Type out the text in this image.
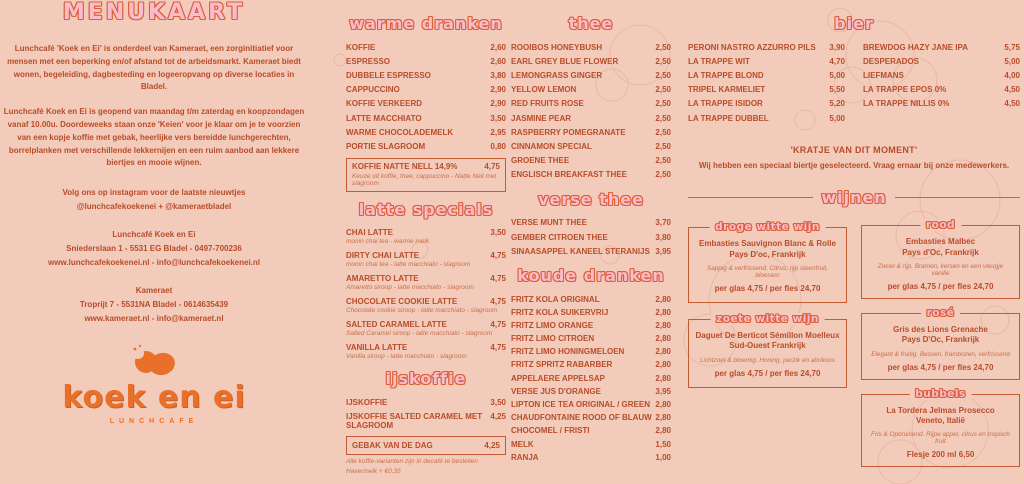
MENUKAART

Lunchcafé 'Koek en Ei' is onderdeel van Kameraet, een zorginitiatief voor mensen met een beperking en/of afstand tot de arbeidsmarkt. Kameraet biedt wonen, begeleiding, dagbesteding en logeeropvang op diverse locaties in Bladel.

Lunchcafé Koek en Ei is geopend van maandag t/m zaterdag en koopzondagen vanaf 10.00u. Doordeweeks staan onze 'Keien' voor je klaar om je te voorzien van een kopje koffie met gebak, heerlijke vers bereidde lunchgerechten, borrelplanken met verschillende lekkernijen en een ruim aanbod aan lekkere biertjes en mooie wijnen.

Volg ons op instagram voor de laatste nieuwtjes
@lunchcafekoekenei + @kameraetbladel
Lunchcafé Koek en Ei
Sniederslaan 1 - 5531 EG Bladel - 0497-700236
www.lunchcafekoekenei.nl - info@lunchcafekoekenei.nl
Kameraet
Troprijt 7 - 5531NA Bladel - 0614635439
www.kameraet.nl - info@kameraet.nl
koek en ei
LUNCHCAFE
warme dranken
KOFFIE	2,60
ESPRESSO	2,60
DUBBELE ESPRESSO	3,80
CAPPUCCINO	2,90
KOFFIE VERKEERD	2,90
LATTE MACCHIATO	3,50
WARME CHOCOLADEMELK	2,95
PORTIE SLAGROOM	0,80
KOFFIE NATTE NELL 14,9%	4,75
Keuze uit koffie, thee, cappuccino - Natte Nell met slagroom
latte specials
CHAI LATTE	3,50
monin chai tea - warme melk
DIRTY CHAI LATTE	4,75
monin chai tea - latte macchiato - slagroom
AMARETTO LATTE	4,75
Amaretto siroop - latte macchiato - slagroom
CHOCOLATE COOKIE LATTE	4,75
Chocolate cookie siroop - latte macchiato - slagroom
SALTED CARAMEL LATTE	4,75
Salted Caramel siroop - latte macchiato - slagroom
VANILLA LATTE	4,75
Vanilla siroop - latte macchiato - slagroom
ijskoffie
IJSKOFFIE	3,50
IJSKOFFIE SALTED CARAMEL MET SLAGROOM
4,25
GEBAK VAN DE DAG	4,25
Alle koffie-varianten zijn in decafé te bestellen
Havermelk + €0,35
thee
ROOIBOS HONEYBUSH	2,50
EARL GREY BLUE FLOWER	2,50
LEMONGRASS GINGER	2,50
YELLOW LEMON	2,50
RED FRUITS ROSE	2,50
JASMINE PEAR	2,50
RASPBERRY POMEGRANATE	2,50
CINNAMON SPECIAL	2,50
GROENE THEE	2,50
ENGLISCH BREAKFAST THEE	2,50
verse thee
VERSE MUNT THEE	3,70
GEMBER CITROEN THEE	3,80
SINAASAPPEL KANEEL STERANIJS 3,95
koude dranken
FRITZ KOLA ORIGINAL	2,80
FRITZ KOLA SUIKERVRIJ	2,80
FRITZ LIMO ORANGE	2,80
FRITZ LIMO CITROEN	2,80
FRITZ LIMO HONINGMELOEN	2,80
FRITZ SPRITZ RABARBER	2,80
APPELAERE APPELSAP	2,80
VERSE JUS D'ORANGE	3,95
LIPTON ICE TEA ORIGINAL / GREEN 2,80
CHAUDFONTAINE ROOD OF BLAUW 2,80
CHOCOMEL / FRISTI	2,80
MELK	1,50
RANJA	1,00
bier
PERONI NASTRO AZZURRO PILS 3,90
LA TRAPPE WIT	4,70
LA TRAPPE BLOND	5,00
TRIPEL KARMELIET	5,50
LA TRAPPE ISIDOR	5,20
LA TRAPPE DUBBEL	5,00
BREWDOG HAZY JANE IPA	5,75
DESPERADOS	5,00
LIEFMANS	4,00
LA TRAPPE EPOS 0%	4,50
LA TRAPPE NILLIS 0%	4,50
'KRATJE VAN DIT MOMENT'
Wij hebben een speciaal biertje geselecteerd. Vraag ernaar bij onze medewerkers.
wijnen
droge witte wijn
Embasties Sauvignon Blanc & Rolle
Pays D'oc, Frankrijk
Sappig & verfrissend. Citrus, rijp steenfruit, bloesem
per glas 4,75 / per fles 24,70
zoete witte wijn
Daguet De Berticot Sémillon Moelleux
Sud-Ouest Frankrijk
Lichtzoet & bloemig. Honing, perzik en abrikoos
per glas 4,75 / per fles 24,70
rood
Embasties Malbec
Pays d'Oc, Frankrijk
Zwoel & rijp. Bramen, kersen en een vleugje vanille
per glas 4,75 / per fles 24,70
rosé
Gris des Lions Grenache
Pays D'Oc, Frankrijk
Elegant & fruitig. Bessen, frambozen, verfrissend
per glas 4,75 / per fles 24,70
bubbels
La Tordera Jelmas Prosecco
Veneto, Italië
Fris & Opbruisend. Rijpe appel, citrus en tropisch fruit
Flesje 200 ml 6,50
